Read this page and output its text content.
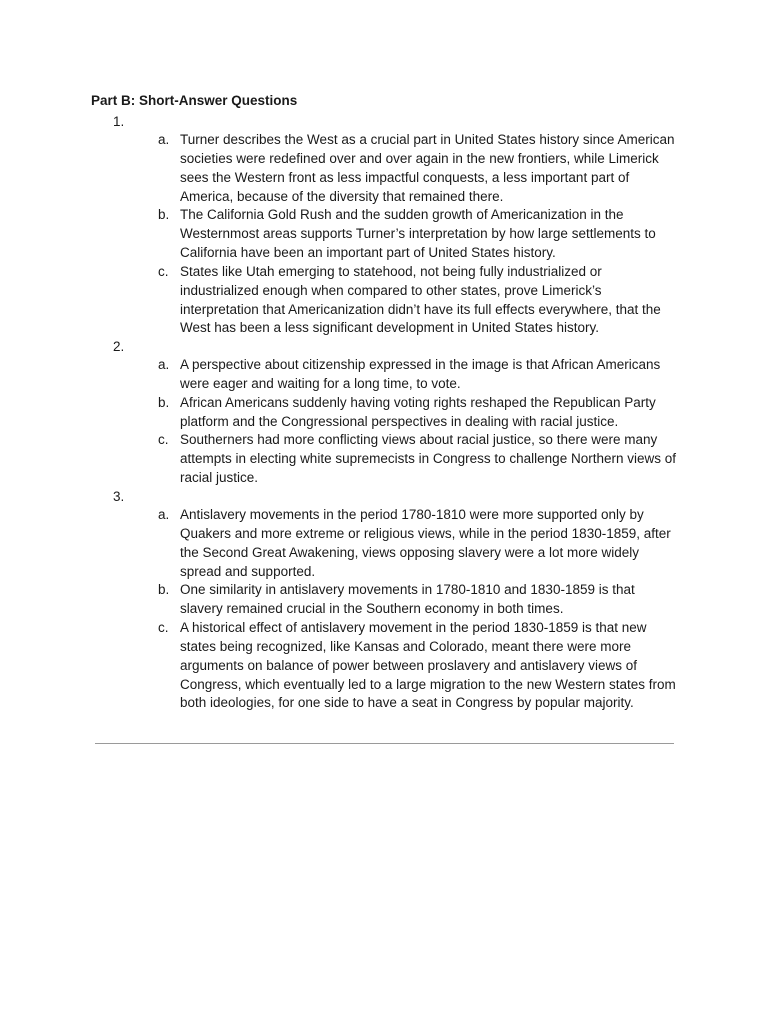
Part B: Short-Answer Questions
1.
a. Turner describes the West as a crucial part in United States history since American societies were redefined over and over again in the new frontiers, while Limerick sees the Western front as less impactful conquests, a less important part of America, because of the diversity that remained there.
b. The California Gold Rush and the sudden growth of Americanization in the Westernmost areas supports Turner’s interpretation by how large settlements to California have been an important part of United States history.
c. States like Utah emerging to statehood, not being fully industrialized or industrialized enough when compared to other states, prove Limerick’s interpretation that Americanization didn’t have its full effects everywhere, that the West has been a less significant development in United States history.
2.
a. A perspective about citizenship expressed in the image is that African Americans were eager and waiting for a long time, to vote.
b. African Americans suddenly having voting rights reshaped the Republican Party platform and the Congressional perspectives in dealing with racial justice.
c. Southerners had more conflicting views about racial justice, so there were many attempts in electing white supremecists in Congress to challenge Northern views of racial justice.
3.
a. Antislavery movements in the period 1780-1810 were more supported only by Quakers and more extreme or religious views, while in the period 1830-1859, after the Second Great Awakening, views opposing slavery were a lot more widely spread and supported.
b. One similarity in antislavery movements in 1780-1810 and 1830-1859 is that slavery remained crucial in the Southern economy in both times.
c. A historical effect of antislavery movement in the period 1830-1859 is that new states being recognized, like Kansas and Colorado, meant there were more arguments on balance of power between proslavery and antislavery views of Congress, which eventually led to a large migration to the new Western states from both ideologies, for one side to have a seat in Congress by popular majority.
